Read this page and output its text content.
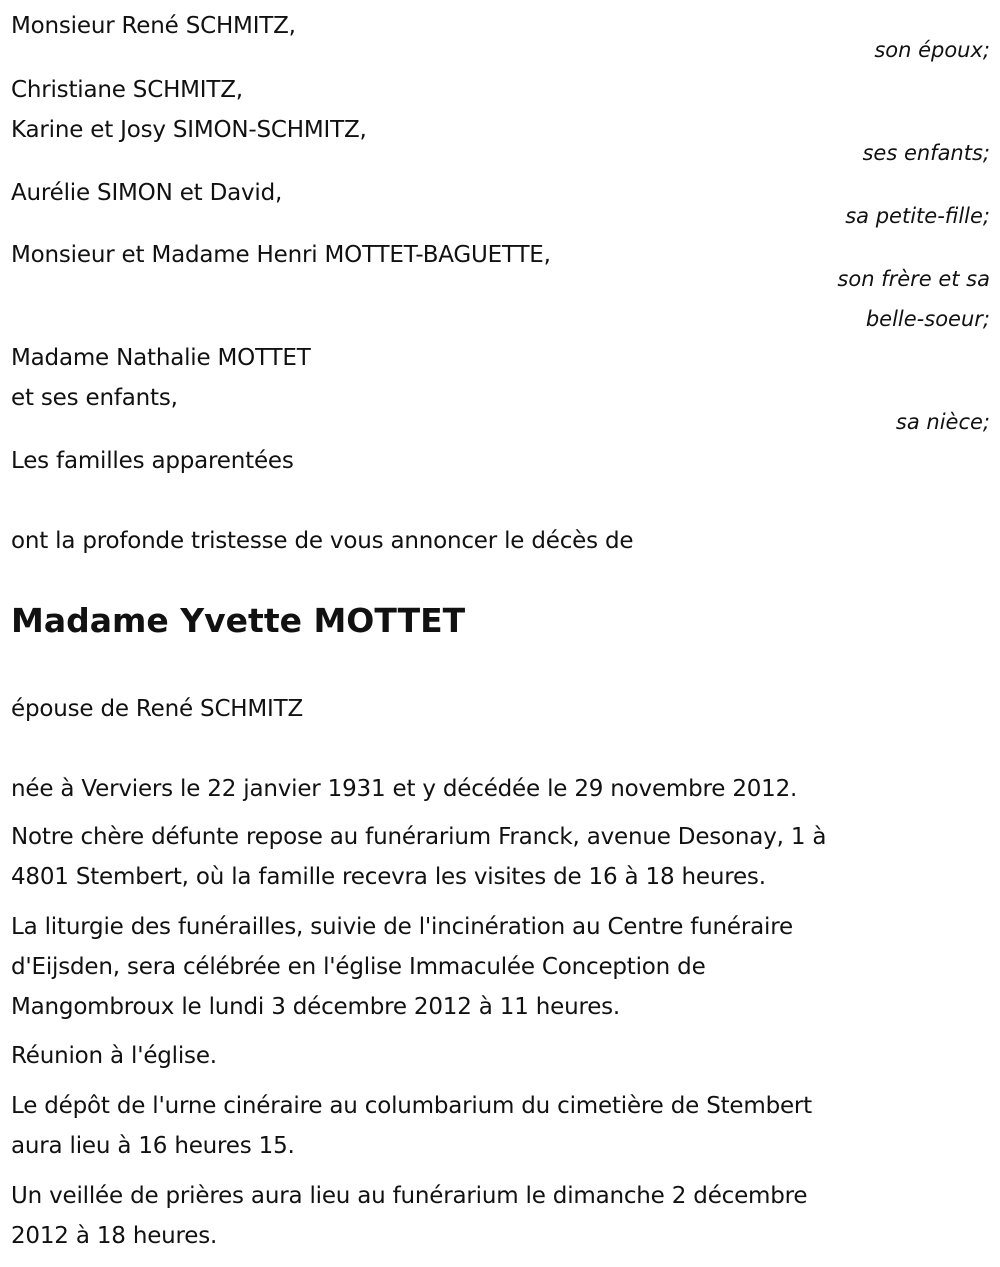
Monsieur René SCHMITZ,
son époux;
Christiane SCHMITZ,
Karine et Josy SIMON-SCHMITZ,
ses enfants;
Aurélie SIMON et David,
sa petite-fille;
Monsieur et Madame Henri MOTTET-BAGUETTE,
son frère et sa
belle-soeur;
Madame Nathalie MOTTET
et ses enfants,
sa nièce;
Les familles apparentées
ont la profonde tristesse de vous annoncer le décès de
Madame Yvette MOTTET
épouse de René SCHMITZ
née à Verviers le 22 janvier 1931 et y décédée le 29 novembre 2012.
Notre chère défunte repose au funérarium Franck, avenue Desonay, 1 à
4801 Stembert, où la famille recevra les visites de 16 à 18 heures.
La liturgie des funérailles, suivie de l'incinération au Centre funéraire
d'Eijsden, sera célébrée en l'église Immaculée Conception de
Mangombroux le lundi 3 décembre 2012 à 11 heures.
Réunion à l'église.
Le dépôt de l'urne cinéraire au columbarium du cimetière de Stembert
aura lieu à 16 heures 15.
Un veillée de prières aura lieu au funérarium le dimanche 2 décembre
2012 à 18 heures.
